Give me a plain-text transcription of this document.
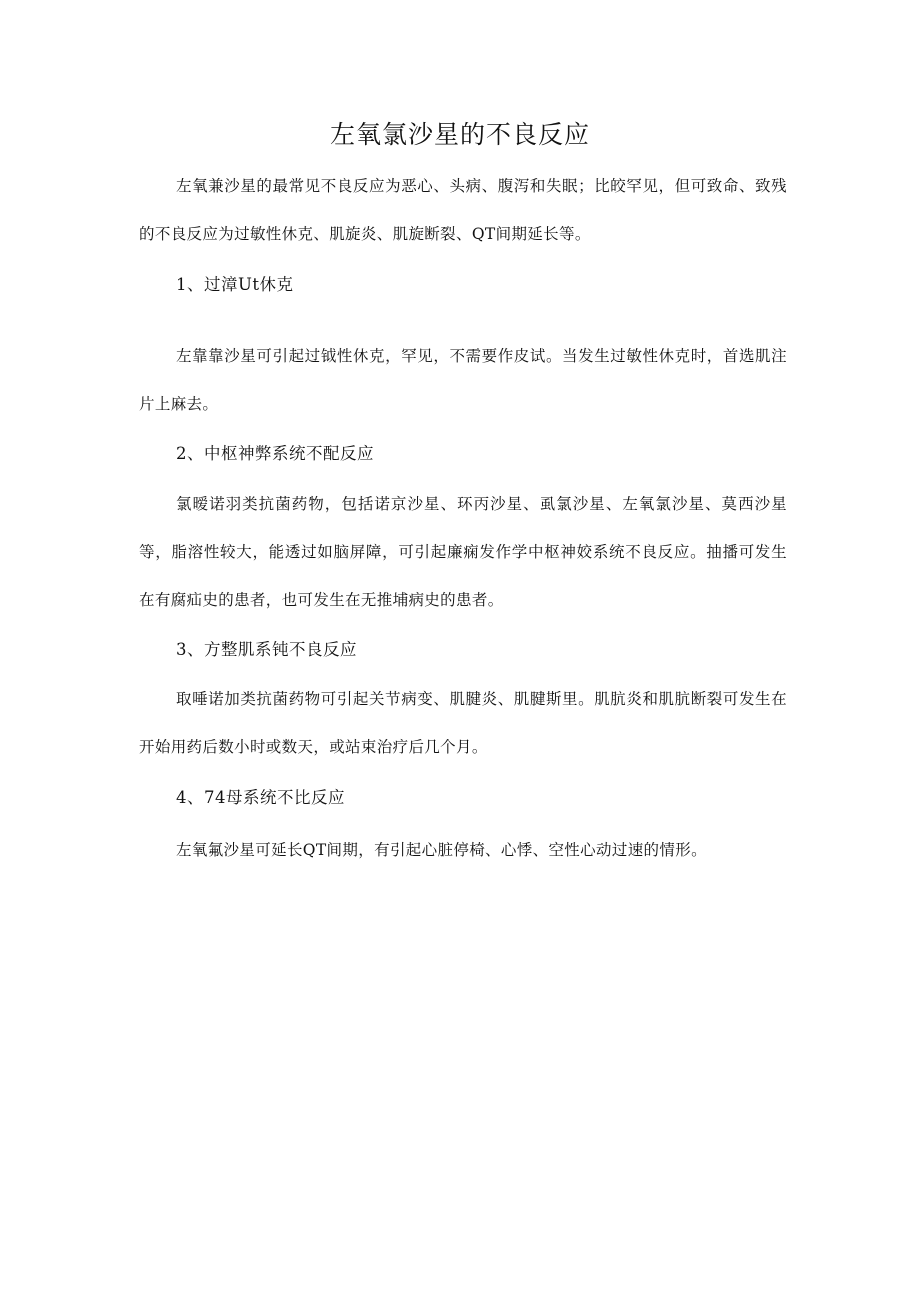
左氧氯沙星的不良反应

左氧兼沙星的最常见不良反应为恶心、头病、腹泻和失眠；比皎罕见，但可致命、致残的不良反应为过敏性休克、肌旋炎、肌旋断裂、QT间期延长等。

1、过漳Ut休克

左靠靠沙星可引起过钺性休克，罕见，不需要作皮试。当发生过敏性休克时，首选肌注片上麻去。

2、中枢神弊系统不配反应

氯暧诺羽类抗菌药物，包括诺京沙星、环丙沙星、虱氯沙星、左氧氯沙星、莫西沙星等，脂溶性较大，能透过如脑屏障，可引起廉痫发作学中枢神姣系统不良反应。抽播可发生在有腐疝史的患者，也可发生在无推埔病史的患者。

3、方整肌系钝不良反应

取唾诺加类抗菌药物可引起关节病变、肌腱炎、肌腱斯里。肌肮炎和肌肮断裂可发生在开始用药后数小时或数天，或站束治疗后几个月。

4、74母系统不比反应

左氧氟沙星可延长QT间期，有引起心脏停椅、心悸、空性心动过速的情形。
